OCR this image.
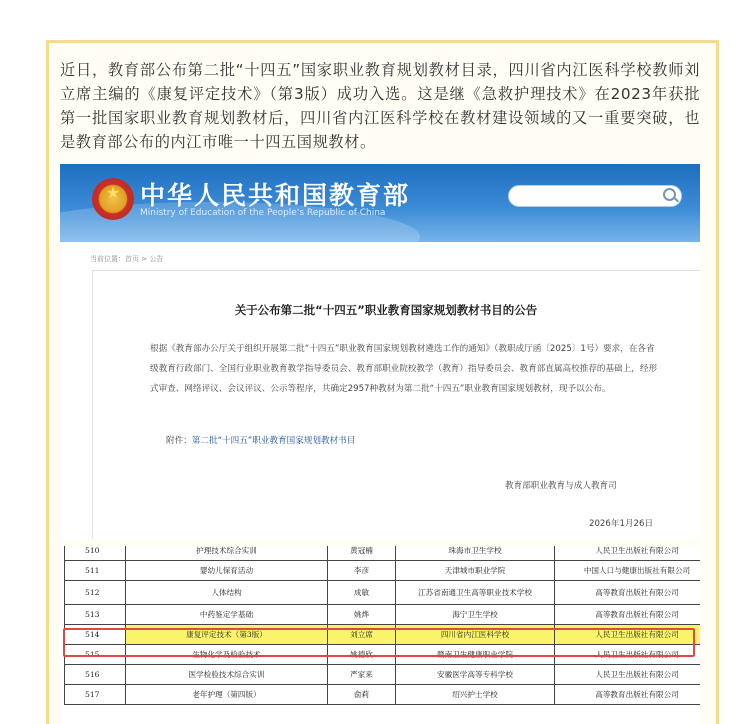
近日，教育部公布第二批“十四五”国家职业教育规划教材目录，四川省内江医科学校教师刘立席主编的《康复评定技术》（第3版）成功入选。这是继《急救护理技术》在2023年获批第一批国家职业教育规划教材后，四川省内江医科学校在教材建设领域的又一重要突破，也是教育部公布的内江市唯一十四五国规教材。

★ 中华人民共和国教育部

Ministry of Education of the People's Republic of China

当前位置：首页 > 公告

关于公布第二批“十四五”职业教育国家规划教材书目的公告

根据《教育部办公厅关于组织开展第二批“十四五”职业教育国家规划教材遴选工作的通知》（教职成厅函〔2025〕1号）要求，在各省级教育行政部门、全国行业职业教育教学指导委员会、教育部职业院校教学（教育）指导委员会、教育部直属高校推荐的基础上，经形式审查、网络评议、会议评议、公示等程序，共确定2957种教材为第二批“十四五”职业教育国家规划教材，现予以公布。

附件：第二批“十四五”职业教育国家规划教材书目

教育部职业教育与成人教育司

2026年1月26日

510	护理技术综合实训	黄冠楠	珠海市卫生学校	人民卫生出版社有限公司
511	婴幼儿保育活动	李彦	天津城市职业学院	中国人口与健康出版社有限公司
512	人体结构	成敏	江苏省南通卫生高等职业技术学校	高等教育出版社有限公司
513	中药鉴定学基础	姚烨	海宁卫生学校	高等教育出版社有限公司
514	康复评定技术（第3版）	刘立席	四川省内江医科学校	人民卫生出版社有限公司
515	生物化学及检验技术	姚德欣	赣南卫生健康职业学院	人民卫生出版社有限公司
516	医学检验技术综合实训	严家来	安徽医学高等专科学校	人民卫生出版社有限公司
517	老年护理（第四版）	俞莉	绍兴护士学校	高等教育出版社有限公司
